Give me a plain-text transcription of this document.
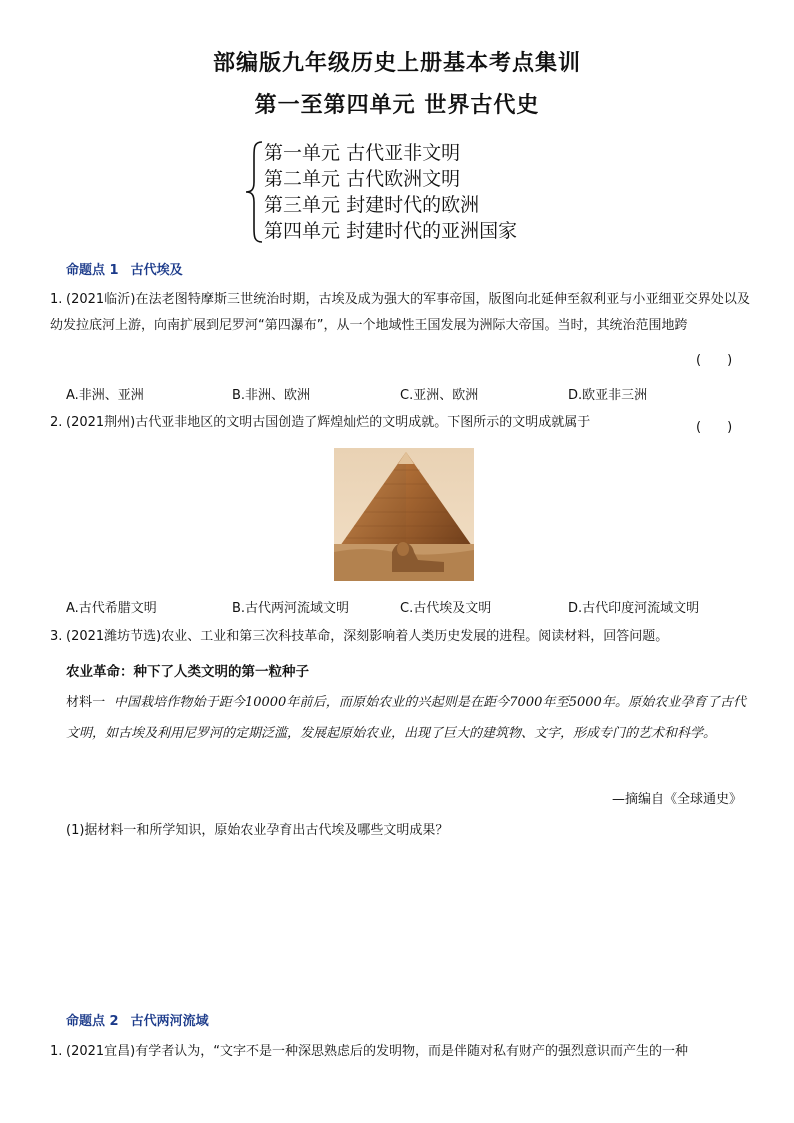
部编版九年级历史上册基本考点集训
第一至第四单元 世界古代史
第一单元 古代亚非文明
第二单元 古代欧洲文明
第三单元 封建时代的欧洲
第四单元 封建时代的亚洲国家
命题点 1 古代埃及
1. (2021临沂)在法老图特摩斯三世统治时期，古埃及成为强大的军事帝国，版图向北延伸至叙利亚与小亚细亚交界处以及幼发拉底河上游，向南扩展到尼罗河“第四瀑布”，从一个地域性王国发展为洲际大帝国。当时，其统治范围地跨
(　　)
A.非洲、亚洲	B.非洲、欧洲	C.亚洲、欧洲	D.欧亚非三洲
2. (2021荆州)古代亚非地区的文明古国创造了辉煌灿烂的文明成就。下图所示的文明成就属于	(　　)
A.古代希腊文明	B.古代两河流域文明	C.古代埃及文明	D.古代印度河流域文明
3. (2021潍坊节选)农业、工业和第三次科技革命，深刻影响着人类历史发展的进程。阅读材料，回答问题。
农业革命：种下了人类文明的第一粒种子
材料一 中国栽培作物始于距今10000年前后，而原始农业的兴起则是在距今7000年至5000年。原始农业孕育了古代文明，如古埃及利用尼罗河的定期泛滥，发展起原始农业，出现了巨大的建筑物、文字，形成专门的艺术和科学。
—摘编自《全球通史》
(1)据材料一和所学知识，原始农业孕育出古代埃及哪些文明成果？
命题点 2 古代两河流域
1. (2021宜昌)有学者认为，“文字不是一种深思熟虑后的发明物，而是伴随对私有财产的强烈意识而产生的一种
